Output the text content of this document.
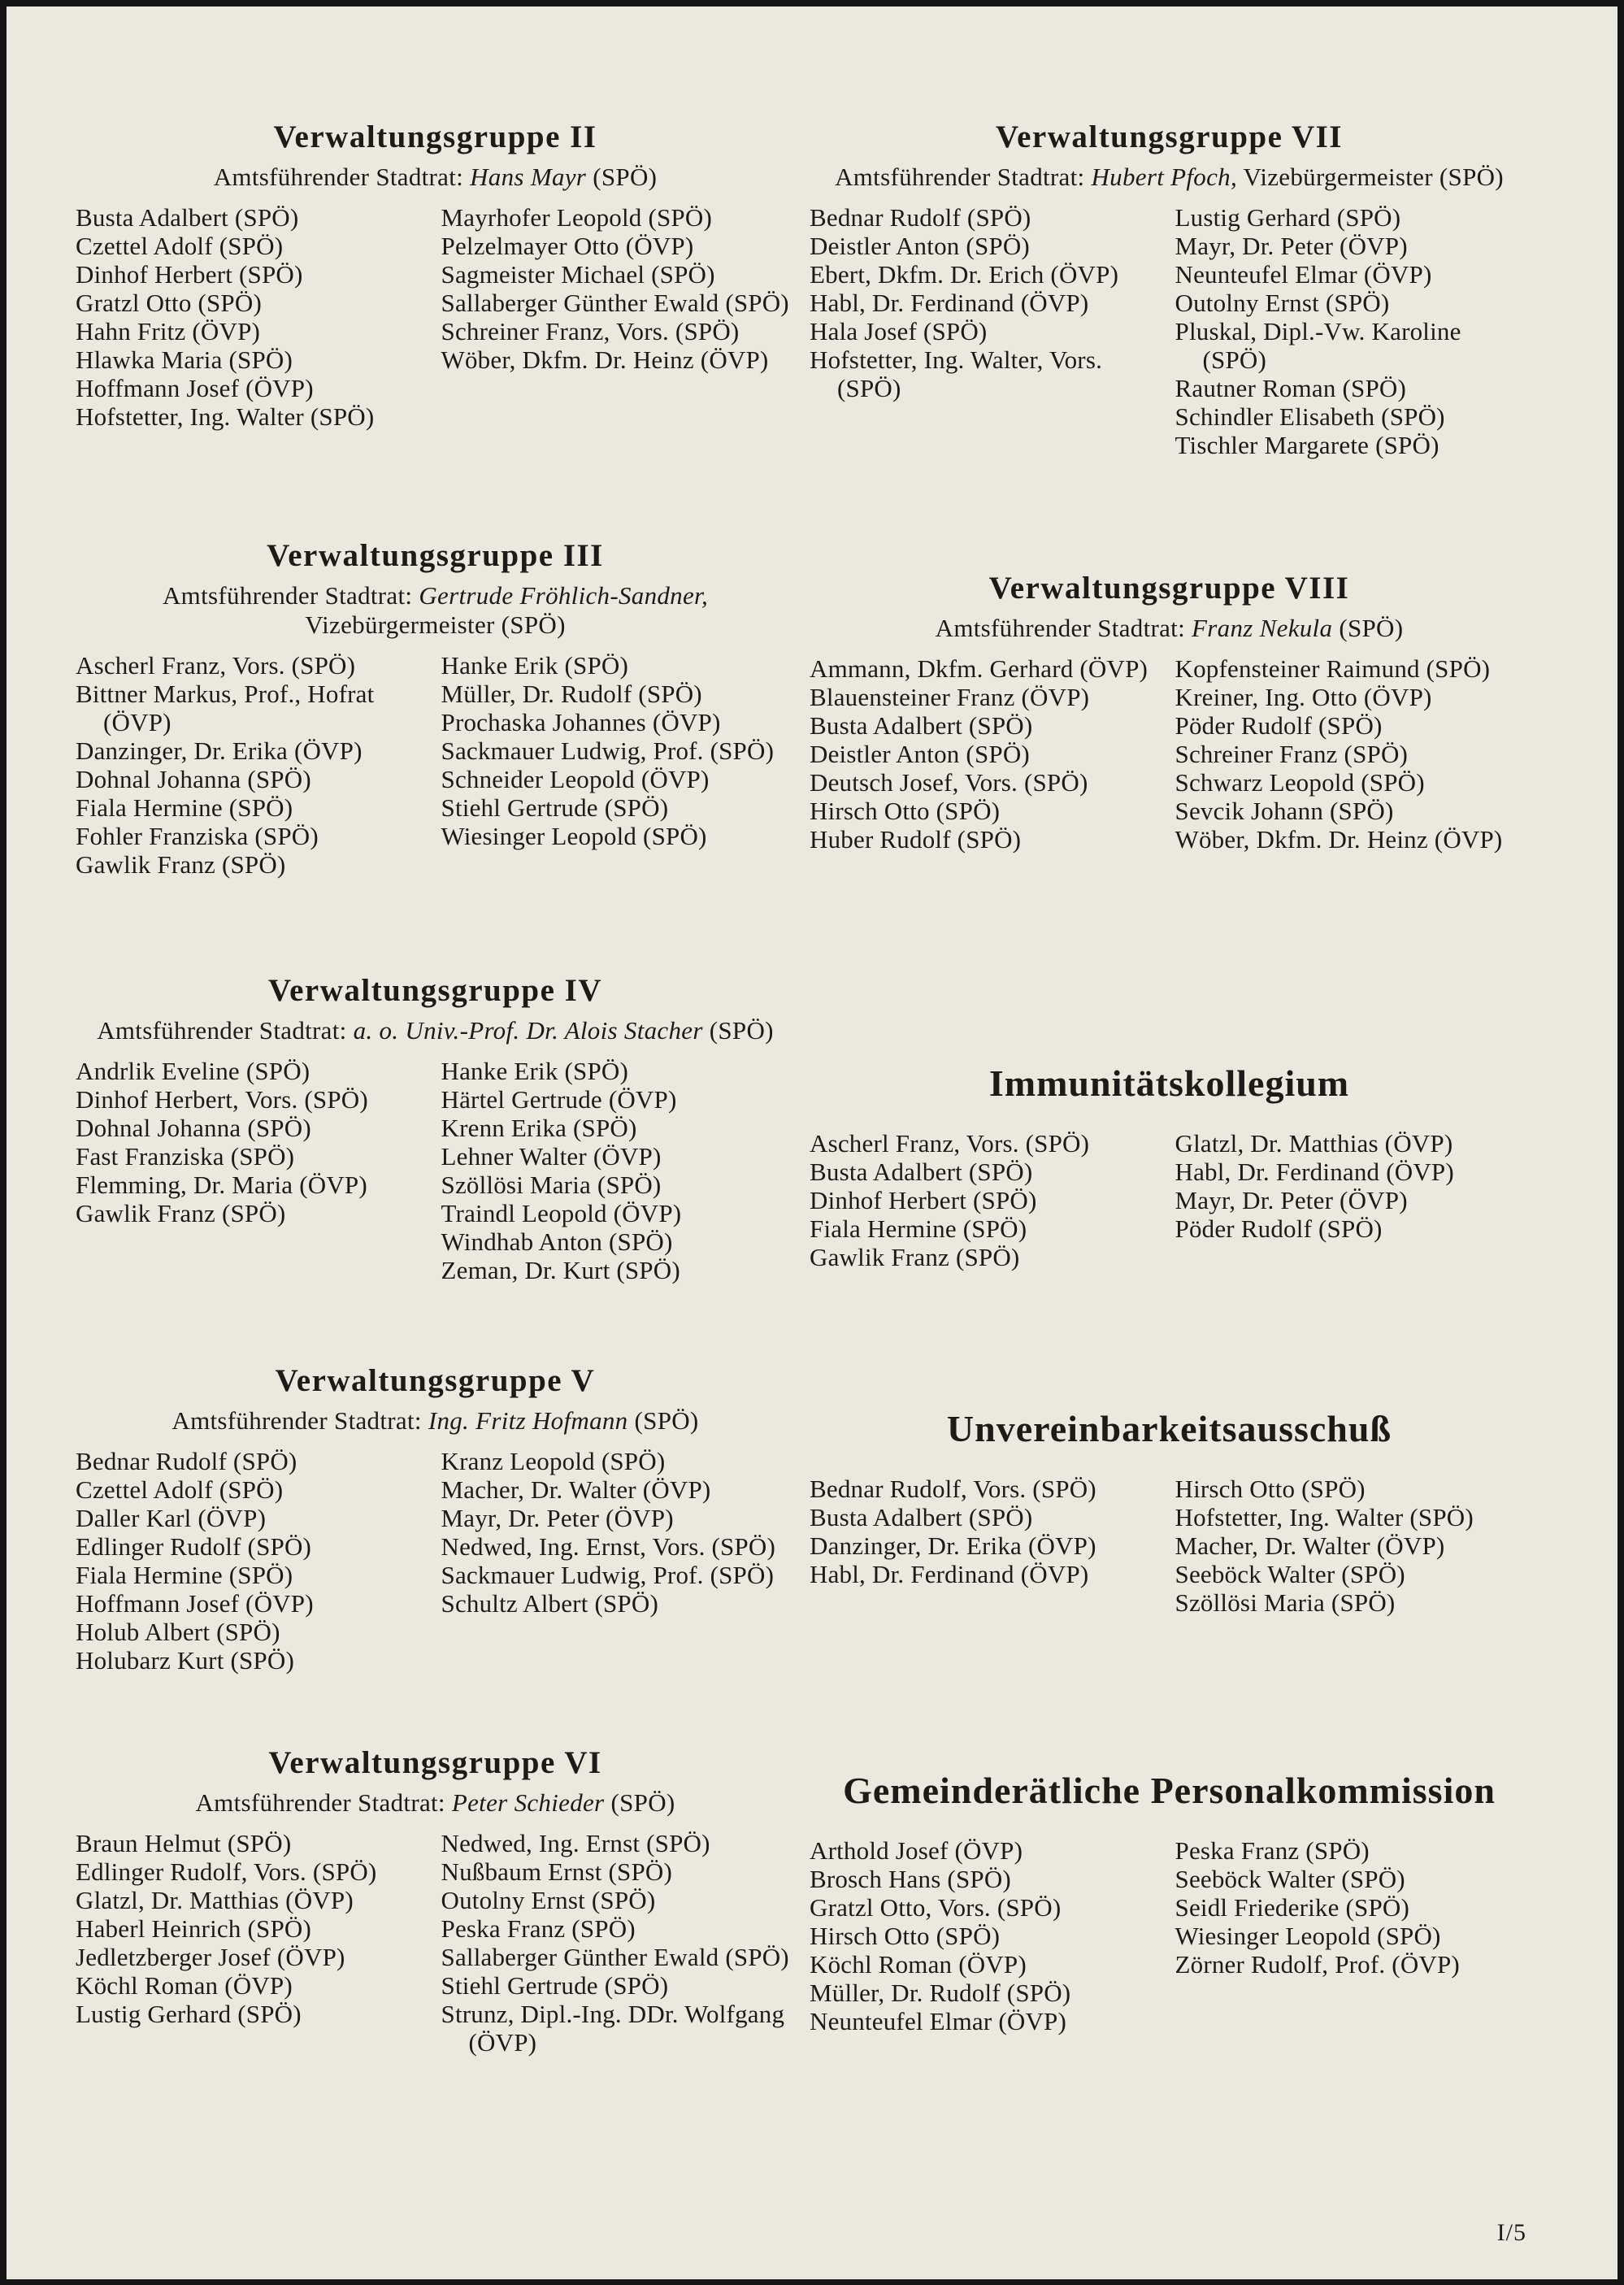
Verwaltungsgruppe II
Amtsführender Stadtrat: Hans Mayr (SPÖ)
Busta Adalbert (SPÖ)
Czettel Adolf (SPÖ)
Dinhof Herbert (SPÖ)
Gratzl Otto (SPÖ)
Hahn Fritz (ÖVP)
Hlawka Maria (SPÖ)
Hoffmann Josef (ÖVP)
Hofstetter, Ing. Walter (SPÖ)
Mayrhofer Leopold (SPÖ)
Pelzelmayer Otto (ÖVP)
Sagmeister Michael (SPÖ)
Sallaberger Günther Ewald (SPÖ)
Schreiner Franz, Vors. (SPÖ)
Wöber, Dkfm. Dr. Heinz (ÖVP)
Verwaltungsgruppe III
Amtsführender Stadtrat: Gertrude Fröhlich-Sandner, Vizebürgermeister (SPÖ)
Ascherl Franz, Vors. (SPÖ)
Bittner Markus, Prof., Hofrat (ÖVP)
Danzinger, Dr. Erika (ÖVP)
Dohnal Johanna (SPÖ)
Fiala Hermine (SPÖ)
Fohler Franziska (SPÖ)
Gawlik Franz (SPÖ)
Hanke Erik (SPÖ)
Müller, Dr. Rudolf (SPÖ)
Prochaska Johannes (ÖVP)
Sackmauer Ludwig, Prof. (SPÖ)
Schneider Leopold (ÖVP)
Stiehl Gertrude (SPÖ)
Wiesinger Leopold (SPÖ)
Verwaltungsgruppe IV
Amtsführender Stadtrat: a. o. Univ.-Prof. Dr. Alois Stacher (SPÖ)
Andrlik Eveline (SPÖ)
Dinhof Herbert, Vors. (SPÖ)
Dohnal Johanna (SPÖ)
Fast Franziska (SPÖ)
Flemming, Dr. Maria (ÖVP)
Gawlik Franz (SPÖ)
Hanke Erik (SPÖ)
Härtel Gertrude (ÖVP)
Krenn Erika (SPÖ)
Lehner Walter (ÖVP)
Szöllösi Maria (SPÖ)
Traindl Leopold (ÖVP)
Windhab Anton (SPÖ)
Zeman, Dr. Kurt (SPÖ)
Verwaltungsgruppe V
Amtsführender Stadtrat: Ing. Fritz Hofmann (SPÖ)
Bednar Rudolf (SPÖ)
Czettel Adolf (SPÖ)
Daller Karl (ÖVP)
Edlinger Rudolf (SPÖ)
Fiala Hermine (SPÖ)
Hoffmann Josef (ÖVP)
Holub Albert (SPÖ)
Holubarz Kurt (SPÖ)
Kranz Leopold (SPÖ)
Macher, Dr. Walter (ÖVP)
Mayr, Dr. Peter (ÖVP)
Nedwed, Ing. Ernst, Vors. (SPÖ)
Sackmauer Ludwig, Prof. (SPÖ)
Schultz Albert (SPÖ)
Verwaltungsgruppe VI
Amtsführender Stadtrat: Peter Schieder (SPÖ)
Braun Helmut (SPÖ)
Edlinger Rudolf, Vors. (SPÖ)
Glatzl, Dr. Matthias (ÖVP)
Haberl Heinrich (SPÖ)
Jedletzberger Josef (ÖVP)
Köchl Roman (ÖVP)
Lustig Gerhard (SPÖ)
Nedwed, Ing. Ernst (SPÖ)
Nußbaum Ernst (SPÖ)
Outolny Ernst (SPÖ)
Peska Franz (SPÖ)
Sallaberger Günther Ewald (SPÖ)
Stiehl Gertrude (SPÖ)
Strunz, Dipl.-Ing. DDr. Wolfgang (ÖVP)
Verwaltungsgruppe VII
Amtsführender Stadtrat: Hubert Pfoch, Vizebürgermeister (SPÖ)
Bednar Rudolf (SPÖ)
Deistler Anton (SPÖ)
Ebert, Dkfm. Dr. Erich (ÖVP)
Habl, Dr. Ferdinand (ÖVP)
Hala Josef (SPÖ)
Hofstetter, Ing. Walter, Vors. (SPÖ)
Lustig Gerhard (SPÖ)
Mayr, Dr. Peter (ÖVP)
Neunteufel Elmar (ÖVP)
Outolny Ernst (SPÖ)
Pluskal, Dipl.-Vw. Karoline (SPÖ)
Rautner Roman (SPÖ)
Schindler Elisabeth (SPÖ)
Tischler Margarete (SPÖ)
Verwaltungsgruppe VIII
Amtsführender Stadtrat: Franz Nekula (SPÖ)
Ammann, Dkfm. Gerhard (ÖVP)
Blauensteiner Franz (ÖVP)
Busta Adalbert (SPÖ)
Deistler Anton (SPÖ)
Deutsch Josef, Vors. (SPÖ)
Hirsch Otto (SPÖ)
Huber Rudolf (SPÖ)
Kopfensteiner Raimund (SPÖ)
Kreiner, Ing. Otto (ÖVP)
Pöder Rudolf (SPÖ)
Schreiner Franz (SPÖ)
Schwarz Leopold (SPÖ)
Sevcik Johann (SPÖ)
Wöber, Dkfm. Dr. Heinz (ÖVP)
Immunitätskollegium
Ascherl Franz, Vors. (SPÖ)
Busta Adalbert (SPÖ)
Dinhof Herbert (SPÖ)
Fiala Hermine (SPÖ)
Gawlik Franz (SPÖ)
Glatzl, Dr. Matthias (ÖVP)
Habl, Dr. Ferdinand (ÖVP)
Mayr, Dr. Peter (ÖVP)
Pöder Rudolf (SPÖ)
Unvereinbarkeitsausschuß
Bednar Rudolf, Vors. (SPÖ)
Busta Adalbert (SPÖ)
Danzinger, Dr. Erika (ÖVP)
Habl, Dr. Ferdinand (ÖVP)
Hirsch Otto (SPÖ)
Hofstetter, Ing. Walter (SPÖ)
Macher, Dr. Walter (ÖVP)
Seeböck Walter (SPÖ)
Szöllösi Maria (SPÖ)
Gemeinderätliche Personalkommission
Arthold Josef (ÖVP)
Brosch Hans (SPÖ)
Gratzl Otto, Vors. (SPÖ)
Hirsch Otto (SPÖ)
Köchl Roman (ÖVP)
Müller, Dr. Rudolf (SPÖ)
Neunteufel Elmar (ÖVP)
Peska Franz (SPÖ)
Seeböck Walter (SPÖ)
Seidl Friederike (SPÖ)
Wiesinger Leopold (SPÖ)
Zörner Rudolf, Prof. (ÖVP)
I/5
